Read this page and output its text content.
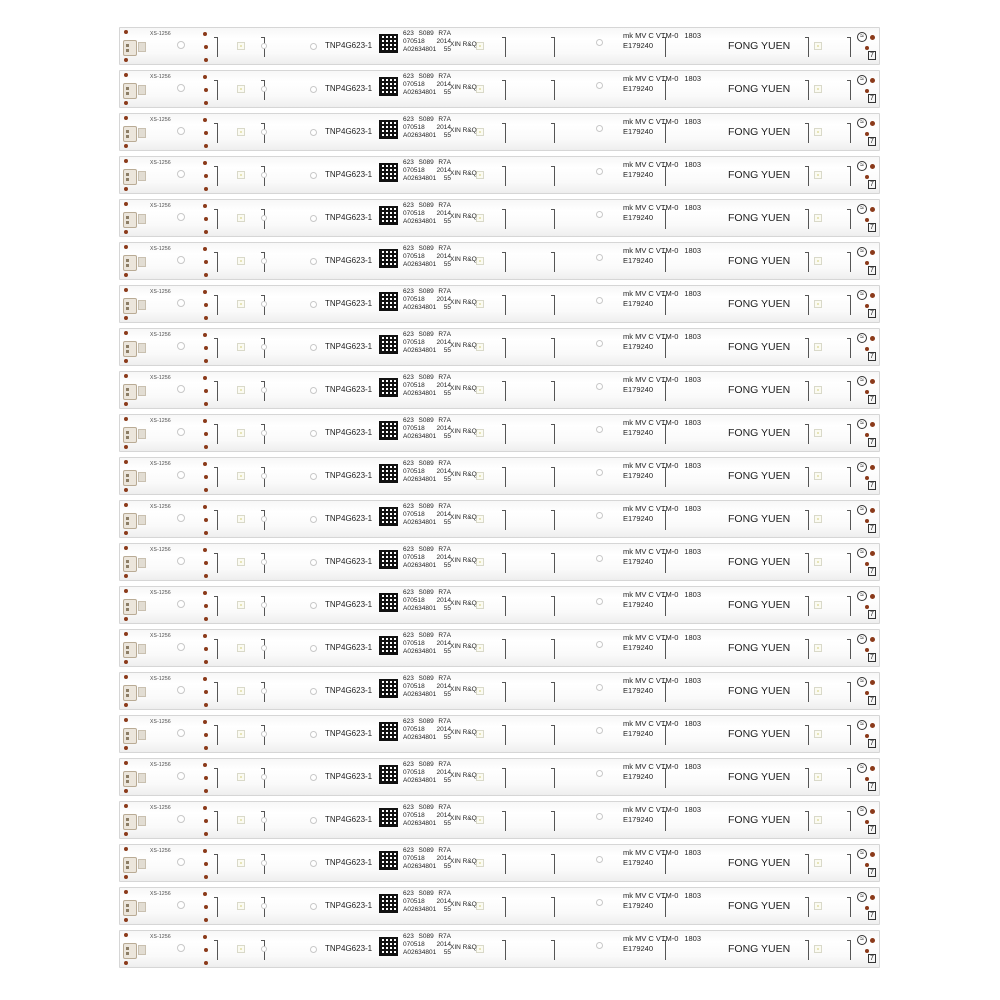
XS-1256
TNP4G623-1
623 S089 R7A
070518 2014
A02634801 55
XIN R&Q
mk MV C VTM-0 1803
E179240	FONG YUEN
≈
7
XS-1256
TNP4G623-1
623 S089 R7A
070518 2014
A02634801 55
XIN R&Q
mk MV C VTM-0 1803
E179240	FONG YUEN
≈
7
XS-1256
TNP4G623-1
623 S089 R7A
070518 2014
A02634801 55
XIN R&Q
mk MV C VTM-0 1803
E179240	FONG YUEN
≈
7
XS-1256
TNP4G623-1
623 S089 R7A
070518 2014
A02634801 55
XIN R&Q
mk MV C VTM-0 1803
E179240	FONG YUEN
≈
7
XS-1256
TNP4G623-1
623 S089 R7A
070518 2014
A02634801 55
XIN R&Q
mk MV C VTM-0 1803
E179240	FONG YUEN
≈
7
XS-1256
TNP4G623-1
623 S089 R7A
070518 2014
A02634801 55
XIN R&Q
mk MV C VTM-0 1803
E179240	FONG YUEN
≈
7
XS-1256
TNP4G623-1
623 S089 R7A
070518 2014
A02634801 55
XIN R&Q
mk MV C VTM-0 1803
E179240	FONG YUEN
≈
7
XS-1256
TNP4G623-1
623 S089 R7A
070518 2014
A02634801 55
XIN R&Q
mk MV C VTM-0 1803
E179240	FONG YUEN
≈
7
XS-1256
TNP4G623-1
623 S089 R7A
070518 2014
A02634801 55
XIN R&Q
mk MV C VTM-0 1803
E179240	FONG YUEN
≈
7
XS-1256
TNP4G623-1
623 S089 R7A
070518 2014
A02634801 55
XIN R&Q
mk MV C VTM-0 1803
E179240	FONG YUEN
≈
7
XS-1256
TNP4G623-1
623 S089 R7A
070518 2014
A02634801 55
XIN R&Q
mk MV C VTM-0 1803
E179240	FONG YUEN
≈
7
XS-1256
TNP4G623-1
623 S089 R7A
070518 2014
A02634801 55
XIN R&Q
mk MV C VTM-0 1803
E179240	FONG YUEN
≈
7
XS-1256
TNP4G623-1
623 S089 R7A
070518 2014
A02634801 55
XIN R&Q
mk MV C VTM-0 1803
E179240	FONG YUEN
≈
7
XS-1256
TNP4G623-1
623 S089 R7A
070518 2014
A02634801 55
XIN R&Q
mk MV C VTM-0 1803
E179240	FONG YUEN
≈
7
XS-1256
TNP4G623-1
623 S089 R7A
070518 2014
A02634801 55
XIN R&Q
mk MV C VTM-0 1803
E179240	FONG YUEN
≈
7
XS-1256
TNP4G623-1
623 S089 R7A
070518 2014
A02634801 55
XIN R&Q
mk MV C VTM-0 1803
E179240	FONG YUEN
≈
7
XS-1256
TNP4G623-1
623 S089 R7A
070518 2014
A02634801 55
XIN R&Q
mk MV C VTM-0 1803
E179240	FONG YUEN
≈
7
XS-1256
TNP4G623-1
623 S089 R7A
070518 2014
A02634801 55
XIN R&Q
mk MV C VTM-0 1803
E179240	FONG YUEN
≈
7
XS-1256
TNP4G623-1
623 S089 R7A
070518 2014
A02634801 55
XIN R&Q
mk MV C VTM-0 1803
E179240	FONG YUEN
≈
7
XS-1256
TNP4G623-1
623 S089 R7A
070518 2014
A02634801 55
XIN R&Q
mk MV C VTM-0 1803
E179240	FONG YUEN
≈
7
XS-1256
TNP4G623-1
623 S089 R7A
070518 2014
A02634801 55
XIN R&Q
mk MV C VTM-0 1803
E179240	FONG YUEN
≈
7
XS-1256
TNP4G623-1
623 S089 R7A
070518 2014
A02634801 55
XIN R&Q
mk MV C VTM-0 1803
E179240	FONG YUEN
≈
7
